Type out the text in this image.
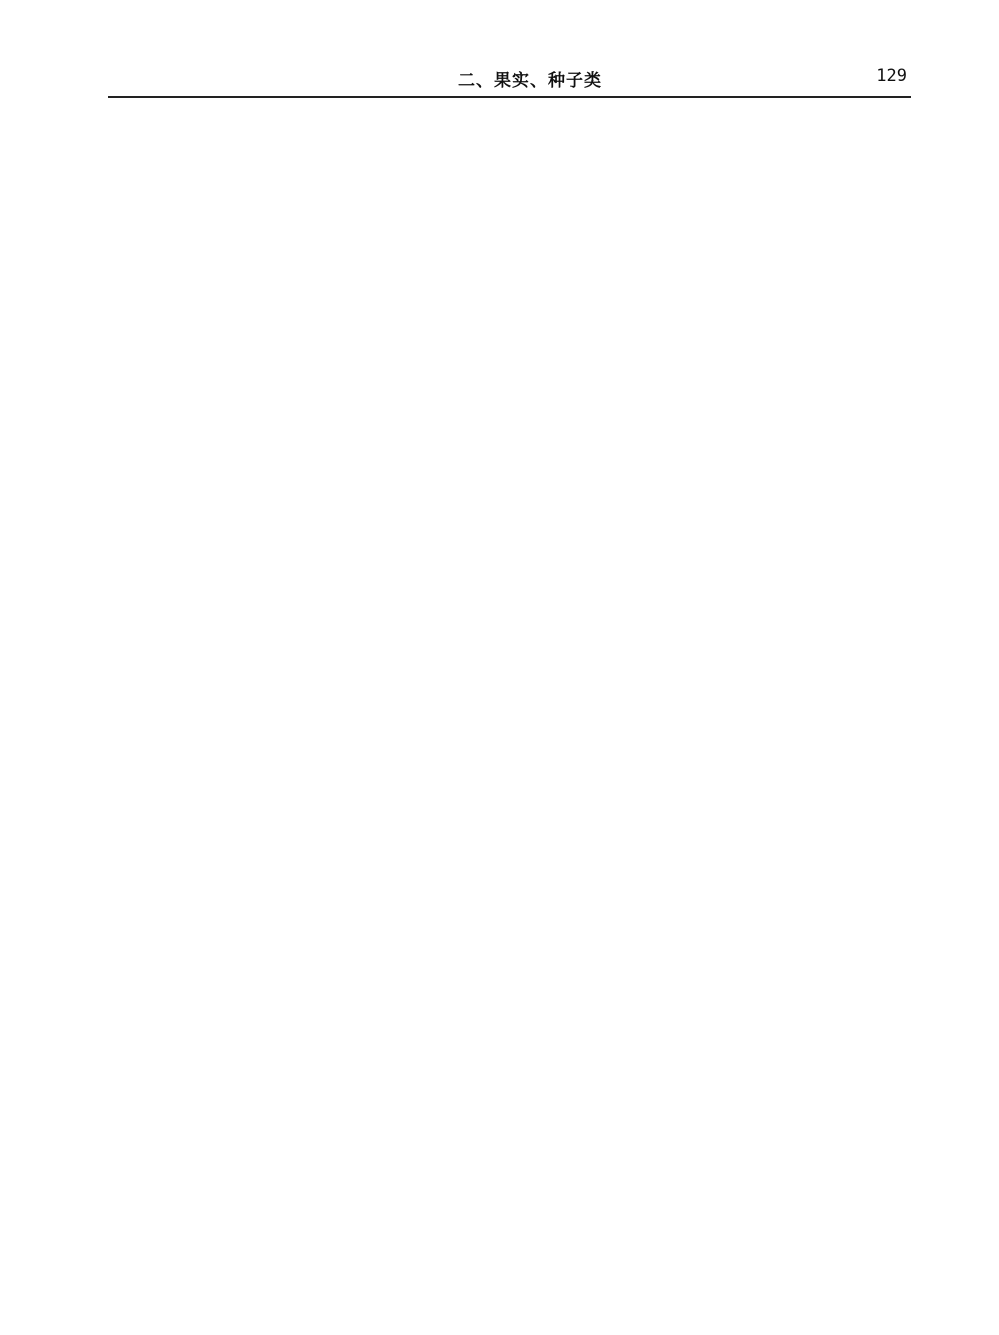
二、果实、种子类	129
